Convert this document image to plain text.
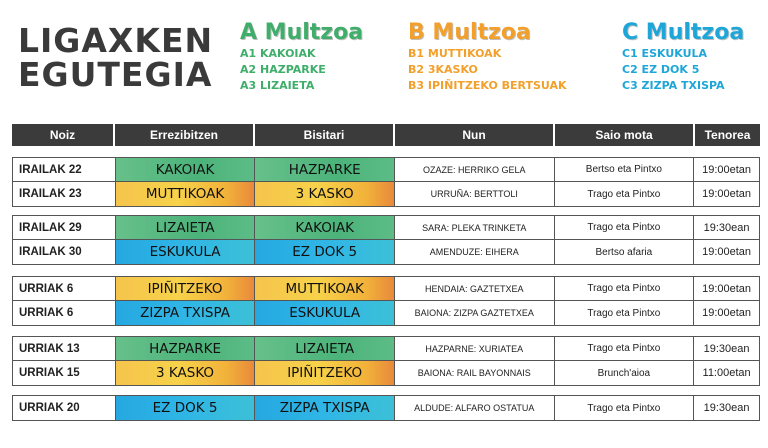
LIGAXKEN
EGUTEGIA
A Multzoa
A1 KAKOIAK
A2 HAZPARKE
A3 LIZAIETA
B Multzoa
B1 MUTTIKOAK
B2 3KASKO
B3 IPIÑITZEKO BERTSUAK
C Multzoa
C1 ESKUKULA
C2 EZ DOK 5
C3 ZIZPA TXISPA
Noiz	Errezibitzen	Bisitari	Nun	Saio mota	Tenorea
IRAILAK 22	KAKOIAK	HAZPARKE	OZAZE: HERRIKO GELA	Bertso eta Pintxo	19:00etan
IRAILAK 23	MUTTIKOAK	3 KASKO	URRUÑA: BERTTOLI	Trago eta Pintxo	19:00etan
IRAILAK 29	LIZAIETA	KAKOIAK	SARA: PLEKA TRINKETA	Trago eta Pintxo	19:30ean
IRAILAK 30	ESKUKULA	EZ DOK 5	AMENDUZE: EIHERA	Bertso afaria	19:00etan
URRIAK 6	IPIÑITZEKO	MUTTIKOAK	HENDAIA: GAZTETXEA	Trago eta Pintxo	19:00etan
URRIAK 6	ZIZPA TXISPA	ESKUKULA	BAIONA: ZIZPA GAZTETXEA	Trago eta Pintxo	19:00etan
URRIAK 13	HAZPARKE	LIZAIETA	HAZPARNE: XURIATEA	Trago eta Pintxo	19:30ean
URRIAK 15	3 KASKO	IPIÑITZEKO	BAIONA: RAIL BAYONNAIS	Brunch'aioa	11:00etan
URRIAK 20	EZ DOK 5	ZIZPA TXISPA	ALDUDE: ALFARO OSTATUA	Trago eta Pintxo	19:30ean
